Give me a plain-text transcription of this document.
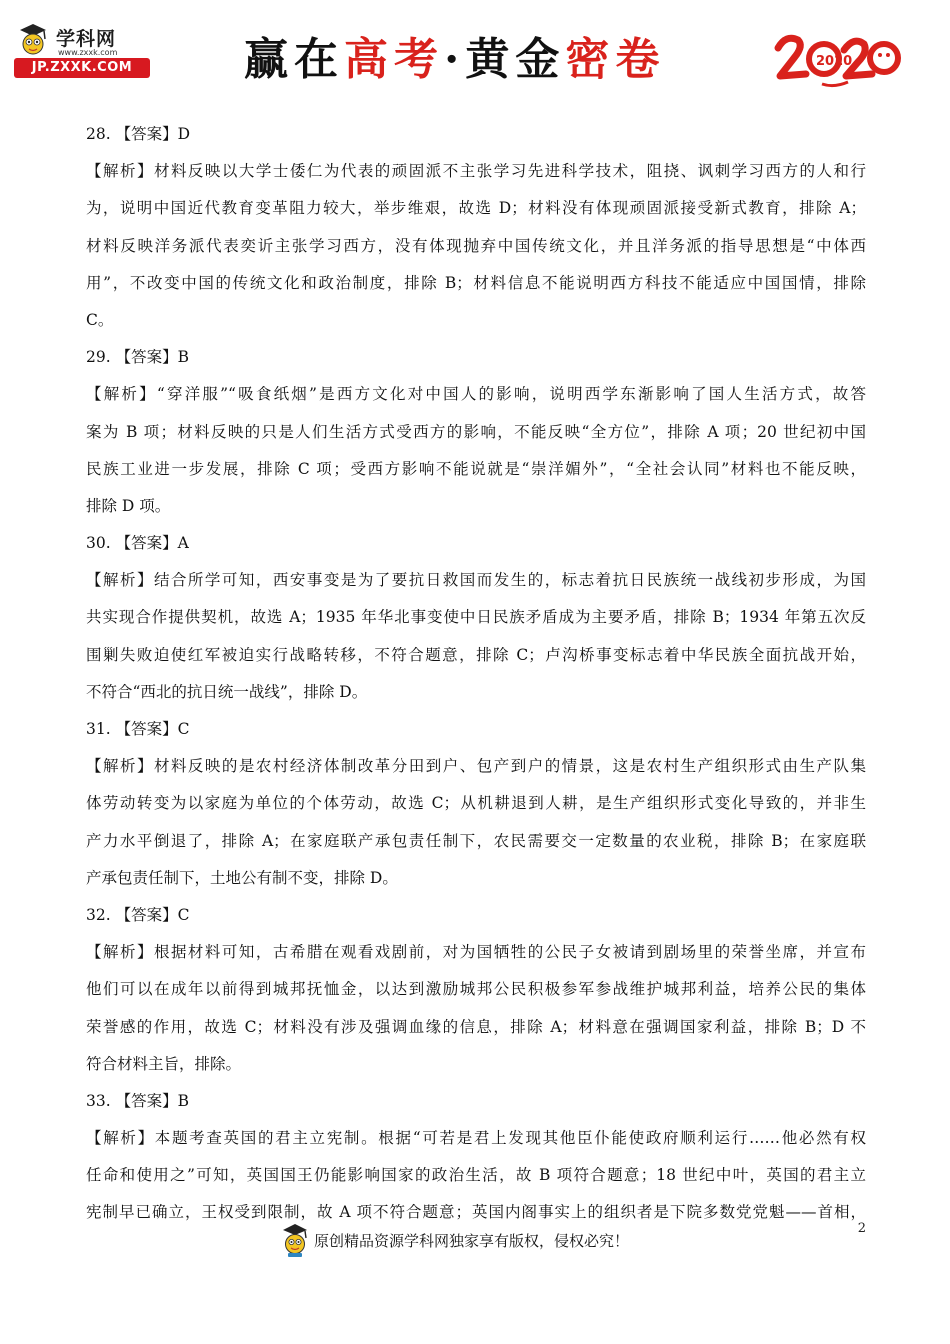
学科网
www.zxxk.com
JP.ZXXK.COM	赢在高考·黄金密卷	2020
28. 【答案】D
【解析】材料反映以大学士倭仁为代表的顽固派不主张学习先进科学技术，阻挠、讽刺学习西方的人和行
为，说明中国近代教育变革阻力较大，举步维艰，故选 D；材料没有体现顽固派接受新式教育，排除 A；
材料反映洋务派代表奕䜣主张学习西方，没有体现抛弃中国传统文化，并且洋务派的指导思想是“中体西
用”，不改变中国的传统文化和政治制度，排除 B；材料信息不能说明西方科技不能适应中国国情，排除
C。
29. 【答案】B
【解析】“穿洋服”“吸食纸烟”是西方文化对中国人的影响，说明西学东渐影响了国人生活方式，故答
案为 B 项；材料反映的只是人们生活方式受西方的影响，不能反映“全方位”，排除 A 项；20 世纪初中国
民族工业进一步发展，排除 C 项；受西方影响不能说就是“崇洋媚外”，“全社会认同”材料也不能反映，
排除 D 项。
30. 【答案】A
【解析】结合所学可知，西安事变是为了要抗日救国而发生的，标志着抗日民族统一战线初步形成，为国
共实现合作提供契机，故选 A；1935 年华北事变使中日民族矛盾成为主要矛盾，排除 B；1934 年第五次反
围剿失败迫使红军被迫实行战略转移，不符合题意，排除 C；卢沟桥事变标志着中华民族全面抗战开始，
不符合“西北的抗日统一战线”，排除 D。
31. 【答案】C
【解析】材料反映的是农村经济体制改革分田到户、包产到户的情景，这是农村生产组织形式由生产队集
体劳动转变为以家庭为单位的个体劳动，故选 C；从机耕退到人耕，是生产组织形式变化导致的，并非生
产力水平倒退了，排除 A；在家庭联产承包责任制下，农民需要交一定数量的农业税，排除 B；在家庭联
产承包责任制下，土地公有制不变，排除 D。
32. 【答案】C
【解析】根据材料可知，古希腊在观看戏剧前，对为国牺牲的公民子女被请到剧场里的荣誉坐席，并宣布
他们可以在成年以前得到城邦抚恤金，以达到激励城邦公民积极参军参战维护城邦利益，培养公民的集体
荣誉感的作用，故选 C；材料没有涉及强调血缘的信息，排除 A；材料意在强调国家利益，排除 B；D 不
符合材料主旨，排除。
33. 【答案】B
【解析】本题考查英国的君主立宪制。根据“可若是君上发现其他臣仆能使政府顺利运行……他必然有权
任命和使用之”可知，英国国王仍能影响国家的政治生活，故 B 项符合题意；18 世纪中叶，英国的君主立
宪制早已确立，王权受到限制，故 A 项不符合题意；英国内阁事实上的组织者是下院多数党党魁——首相，
2
原创精品资源学科网独家享有版权，侵权必究！
